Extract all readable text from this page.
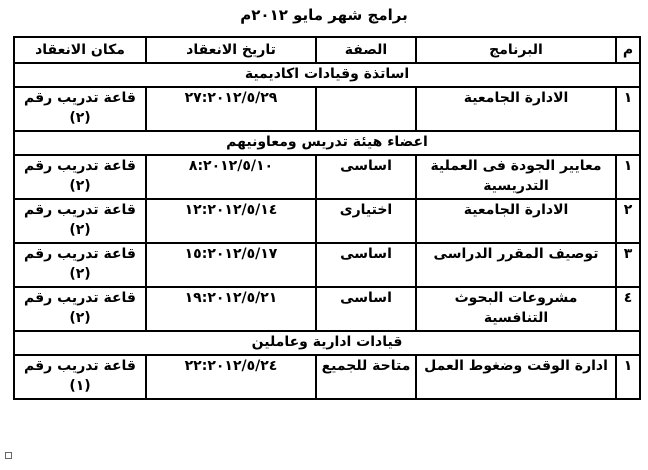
برامج شهر مايو ٢٠١٢م
م	البرنامج	الصفة	تاريخ الانعقاد	مكان الانعقاد
اساتذة وقيادات اكاديمية				
١	الادارة الجامعية		٢٧:٢٠١٢/٥/٢٩	قاعة تدريب رقم (٢)
اعضاء هيئة تدريس ومعاونيهم				
١	معايير الجودة فى العملية التدريسية	اساسى	٨:٢٠١٢/٥/١٠	قاعة تدريب رقم (٢)
٢	الادارة الجامعية	اختيارى	١٢:٢٠١٢/٥/١٤	قاعة تدريب رقم (٢)
٣	توصيف المقرر الدراسى	اساسى	١٥:٢٠١٢/٥/١٧	قاعة تدريب رقم (٢)
٤	مشروعات البحوث التنافسية	اساسى	١٩:٢٠١٢/٥/٢١	قاعة تدريب رقم (٢)
قيادات ادارية وعاملين				
١	ادارة الوقت وضغوط العمل	متاحة للجميع	٢٢:٢٠١٢/٥/٢٤	قاعة تدريب رقم (١)
